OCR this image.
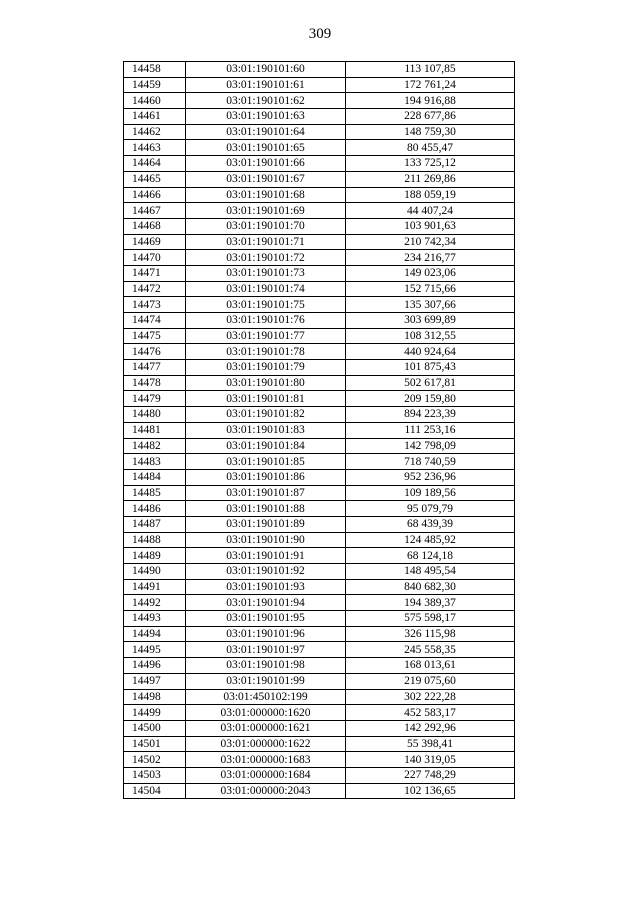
309
14458	03:01:190101:60	113 107,85
14459	03:01:190101:61	172 761,24
14460	03:01:190101:62	194 916,88
14461	03:01:190101:63	228 677,86
14462	03:01:190101:64	148 759,30
14463	03:01:190101:65	80 455,47
14464	03:01:190101:66	133 725,12
14465	03:01:190101:67	211 269,86
14466	03:01:190101:68	188 059,19
14467	03:01:190101:69	44 407,24
14468	03:01:190101:70	103 901,63
14469	03:01:190101:71	210 742,34
14470	03:01:190101:72	234 216,77
14471	03:01:190101:73	149 023,06
14472	03:01:190101:74	152 715,66
14473	03:01:190101:75	135 307,66
14474	03:01:190101:76	303 699,89
14475	03:01:190101:77	108 312,55
14476	03:01:190101:78	440 924,64
14477	03:01:190101:79	101 875,43
14478	03:01:190101:80	502 617,81
14479	03:01:190101:81	209 159,80
14480	03:01:190101:82	894 223,39
14481	03:01:190101:83	111 253,16
14482	03:01:190101:84	142 798,09
14483	03:01:190101:85	718 740,59
14484	03:01:190101:86	952 236,96
14485	03:01:190101:87	109 189,56
14486	03:01:190101:88	95 079,79
14487	03:01:190101:89	68 439,39
14488	03:01:190101:90	124 485,92
14489	03:01:190101:91	68 124,18
14490	03:01:190101:92	148 495,54
14491	03:01:190101:93	840 682,30
14492	03:01:190101:94	194 389,37
14493	03:01:190101:95	575 598,17
14494	03:01:190101:96	326 115,98
14495	03:01:190101:97	245 558,35
14496	03:01:190101:98	168 013,61
14497	03:01:190101:99	219 075,60
14498	03:01:450102:199	302 222,28
14499	03:01:000000:1620	452 583,17
14500	03:01:000000:1621	142 292,96
14501	03:01:000000:1622	55 398,41
14502	03:01:000000:1683	140 319,05
14503	03:01:000000:1684	227 748,29
14504	03:01:000000:2043	102 136,65
